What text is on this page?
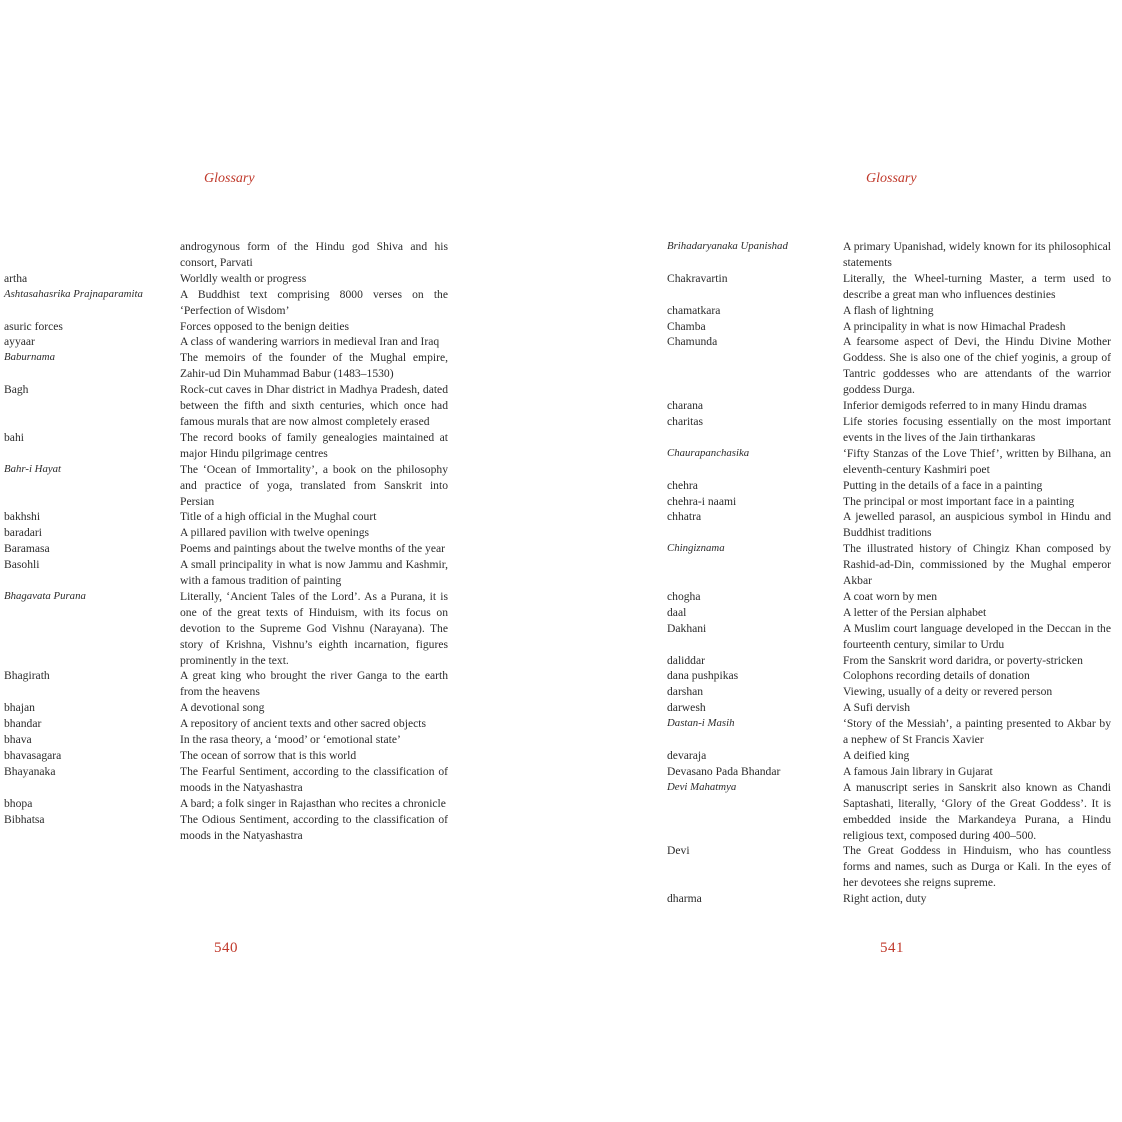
Glossary
androgynous form of the Hindu god Shiva and his consort, Parvati
artha	Worldly wealth or progress
Ashtasahasrika Prajnaparamita	A Buddhist text comprising 8000 verses on the ‘Perfection of Wisdom’
asuric forces	Forces opposed to the benign deities
ayyaar	A class of wandering warriors in medieval Iran and Iraq
Baburnama	The memoirs of the founder of the Mughal empire, Zahir-ud Din Muhammad Babur (1483–1530)
Bagh	Rock-cut caves in Dhar district in Madhya Pradesh, dated between the fifth and sixth centuries, which once had famous murals that are now almost completely erased
bahi	The record books of family genealogies maintained at major Hindu pilgrimage centres
Bahr-i Hayat	The ‘Ocean of Immortality’, a book on the philosophy and practice of yoga, translated from Sanskrit into Persian
bakhshi	Title of a high official in the Mughal court
baradari	A pillared pavilion with twelve openings
Baramasa	Poems and paintings about the twelve months of the year
Basohli	A small principality in what is now Jammu and Kashmir, with a famous tradition of painting
Bhagavata Purana	Literally, ‘Ancient Tales of the Lord’. As a Purana, it is one of the great texts of Hinduism, with its focus on devotion to the Supreme God Vishnu (Narayana). The story of Krishna, Vishnu’s eighth incarnation, figures prominently in the text.
Bhagirath	A great king who brought the river Ganga to the earth from the heavens
bhajan	A devotional song
bhandar	A repository of ancient texts and other sacred objects
bhava	In the rasa theory, a ‘mood’ or ‘emotional state’
bhavasagara	The ocean of sorrow that is this world
Bhayanaka	The Fearful Sentiment, according to the classification of moods in the Natyashastra
bhopa	A bard; a folk singer in Rajasthan who recites a chronicle
Bibhatsa	The Odious Sentiment, according to the classification of moods in the Natyashastra
540
Glossary
Brihadaryanaka Upanishad	A primary Upanishad, widely known for its philosophical statements
Chakravartin	Literally, the Wheel-turning Master, a term used to describe a great man who influences destinies
chamatkara	A flash of lightning
Chamba	A principality in what is now Himachal Pradesh
Chamunda	A fearsome aspect of Devi, the Hindu Divine Mother Goddess. She is also one of the chief yoginis, a group of Tantric goddesses who are attendants of the warrior goddess Durga.
charana	Inferior demigods referred to in many Hindu dramas
charitas	Life stories focusing essentially on the most important events in the lives of the Jain tirthankaras
Chaurapanchasika	‘Fifty Stanzas of the Love Thief’, written by Bilhana, an eleventh-century Kashmiri poet
chehra	Putting in the details of a face in a painting
chehra-i naami	The principal or most important face in a painting
chhatra	A jewelled parasol, an auspicious symbol in Hindu and Buddhist traditions
Chingiznama	The illustrated history of Chingiz Khan composed by Rashid-ad-Din, commissioned by the Mughal emperor Akbar
chogha	A coat worn by men
daal	A letter of the Persian alphabet
Dakhani	A Muslim court language developed in the Deccan in the fourteenth century, similar to Urdu
daliddar	From the Sanskrit word daridra, or poverty-stricken
dana pushpikas	Colophons recording details of donation
darshan	Viewing, usually of a deity or revered person
darwesh	A Sufi dervish
Dastan-i Masih	‘Story of the Messiah’, a painting presented to Akbar by a nephew of St Francis Xavier
devaraja	A deified king
Devasano Pada Bhandar	A famous Jain library in Gujarat
Devi Mahatmya	A manuscript series in Sanskrit also known as Chandi Saptashati, literally, ‘Glory of the Great Goddess’. It is embedded inside the Markandeya Purana, a Hindu religious text, composed during 400–500.
Devi	The Great Goddess in Hinduism, who has countless forms and names, such as Durga or Kali. In the eyes of her devotees she reigns supreme.
dharma	Right action, duty
541
